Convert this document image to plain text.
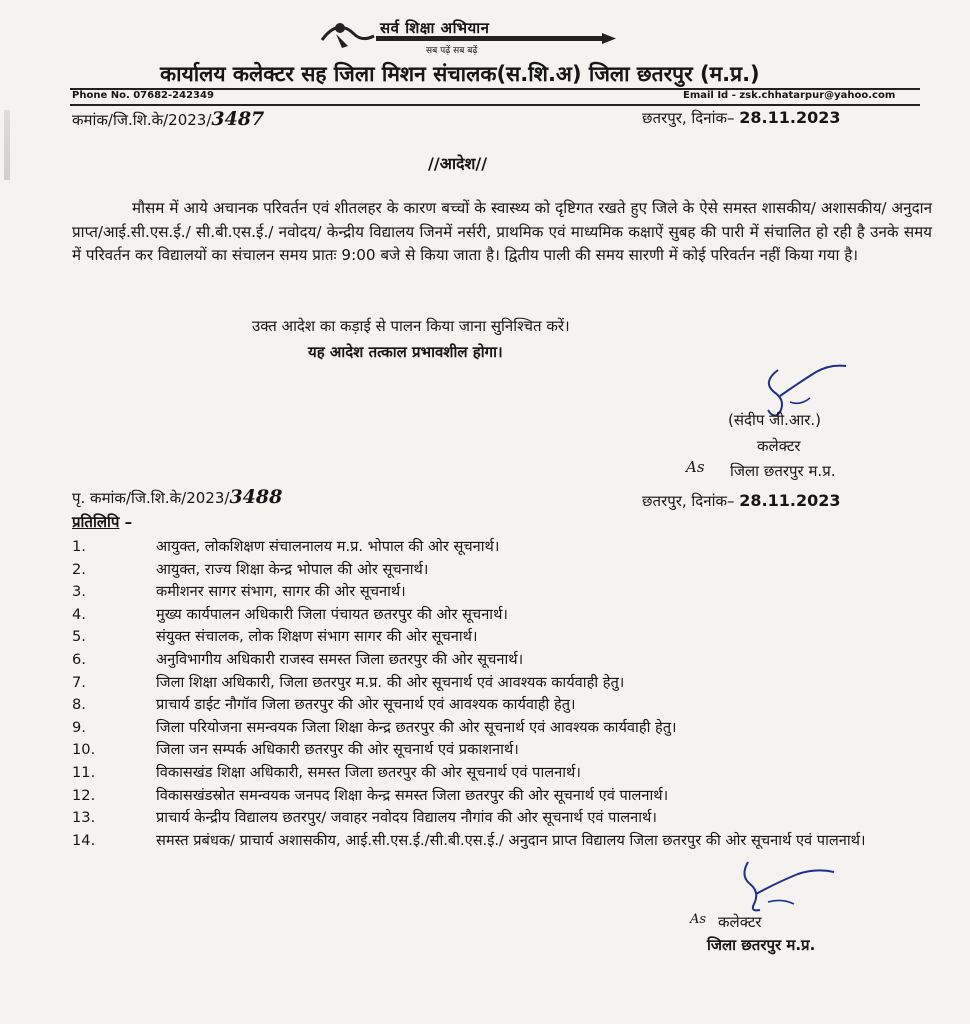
सर्व शिक्षा अभियान
सब पढ़ें सब बढ़ें
कार्यालय कलेक्टर सह जिला मिशन संचालक(स.शि.अ) जिला छतरपुर (म.प्र.)
Phone No. 07682-242349	Email Id - zsk.chhatarpur@yahoo.com
कमांक/जि.शि.के/2023/3487	छतरपुर, दिनांक– 28.11.2023
//आदेश//
मौसम में आये अचानक परिवर्तन एवं शीतलहर के कारण बच्चों के स्वास्थ्य को दृष्टिगत रखते हुए जिले के ऐसे समस्त शासकीय/ अशासकीय/ अनुदान प्राप्त/आई.सी.एस.ई./ सी.बी.एस.ई./ नवोदय/ केन्द्रीय विद्यालय जिनमें नर्सरी, प्राथमिक एवं माध्यमिक कक्षाऐं सुबह की पारी में संचालित हो रही है उनके समय में परिवर्तन कर विद्यालयों का संचालन समय प्रातः 9:00 बजे से किया जाता है। द्वितीय पाली की समय सारणी में कोई परिवर्तन नहीं किया गया है।
उक्त आदेश का कड़ाई से पालन किया जाना सुनिश्चित करें।
यह आदेश तत्काल प्रभावशील होगा।
(संदीप जी.आर.)
कलेक्टर
As जिला छतरपुर म.प्र.
पृ. कमांक/जि.शि.के/2023/3488	छतरपुर, दिनांक– 28.11.2023
प्रतिलिपि –
1.	आयुक्त, लोकशिक्षण संचालनालय म.प्र. भोपाल की ओर सूचनार्थ।
2.	आयुक्त, राज्य शिक्षा केन्द्र भोपाल की ओर सूचनार्थ।
3.	कमीशनर सागर संभाग, सागर की ओर सूचनार्थ।
4.	मुख्य कार्यपालन अधिकारी जिला पंचायत छतरपुर की ओर सूचनार्थ।
5.	संयुक्त संचालक, लोक शिक्षण संभाग सागर की ओर सूचनार्थ।
6.	अनुविभागीय अधिकारी राजस्व समस्त जिला छतरपुर की ओर सूचनार्थ।
7.	जिला शिक्षा अधिकारी, जिला छतरपुर म.प्र. की ओर सूचनार्थ एवं आवश्यक कार्यवाही हेतु।
8.	प्राचार्य डाईट नौगॉव जिला छतरपुर की ओर सूचनार्थ एवं आवश्यक कार्यवाही हेतु।
9.	जिला परियोजना समन्वयक जिला शिक्षा केन्द्र छतरपुर की ओर सूचनार्थ एवं आवश्यक कार्यवाही हेतु।
10.	जिला जन सम्पर्क अधिकारी छतरपुर की ओर सूचनार्थ एवं प्रकाशनार्थ।
11.	विकासखंड शिक्षा अधिकारी, समस्त जिला छतरपुर की ओर सूचनार्थ एवं पालनार्थ।
12.	विकासखंडस्रोत समन्वयक जनपद शिक्षा केन्द्र समस्त जिला छतरपुर की ओर सूचनार्थ एवं पालनार्थ।
13.	प्राचार्य केन्द्रीय विद्यालय छतरपुर/ जवाहर नवोदय विद्यालय नौगांव की ओर सूचनार्थ एवं पालनार्थ।
14.	समस्त प्रबंधक/ प्राचार्य अशासकीय, आई.सी.एस.ई./सी.बी.एस.ई./ अनुदान प्राप्त विद्यालय जिला छतरपुर की ओर सूचनार्थ एवं पालनार्थ।
As कलेक्टर
जिला छतरपुर म.प्र.
